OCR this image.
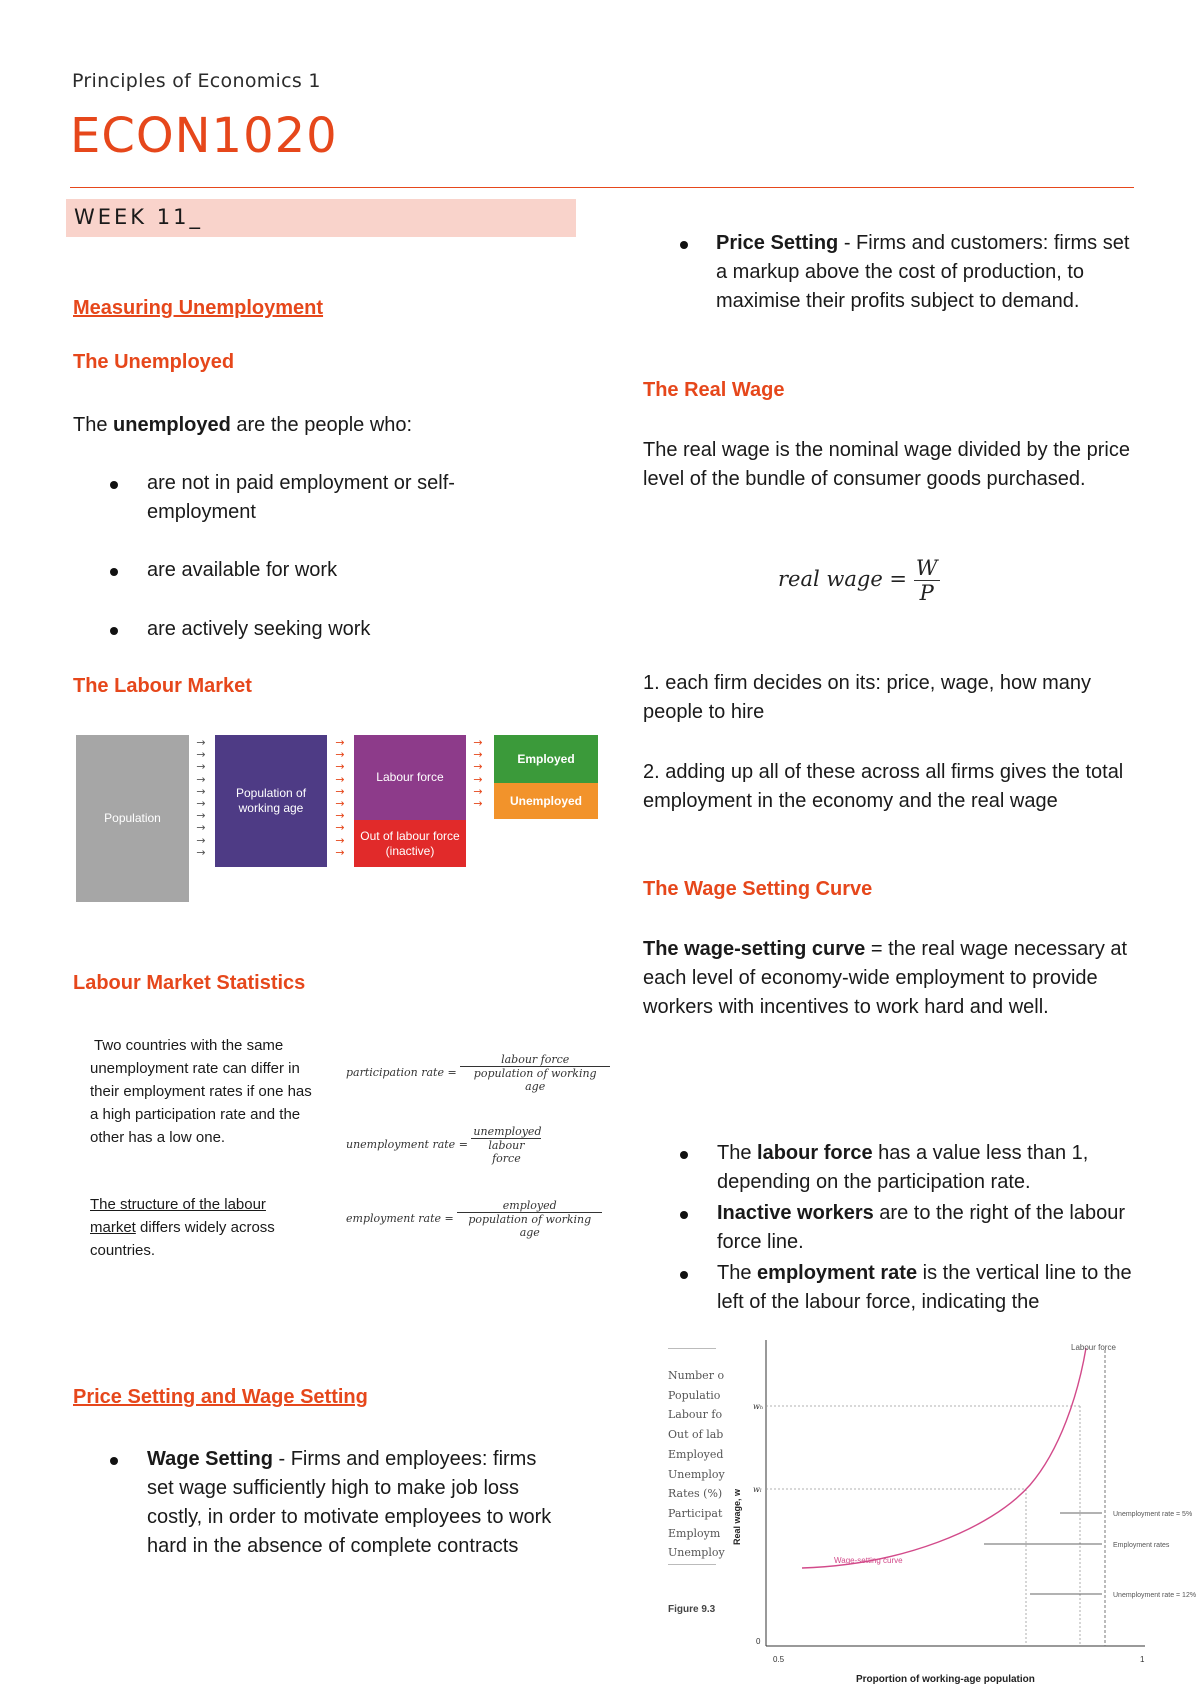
Principles of Economics 1
ECON1020
WEEK 11_
Measuring Unemployment
The Unemployed
The unemployed are the people who:
are not in paid employment or self-employment
are available for work
are actively seeking work
The Labour Market
Population
→
→
→
→
→
→
→
→
→
→
Population of working age
→
→
→
→
→
→
→
→
→
→
Labour force
Out of labour force (inactive)
→
→
→
→
→
→
Employed
Unemployed
Labour Market Statistics
Two countries with the same unemployment rate can differ in their employment rates if one has a high participation rate and the other has a low one.
The structure of the labour market differs widely across countries.
participation rate = $\frac{\text{labour force}}{\text{population of working age}}$
unemployment rate = $\frac{\text{unemployed}}{\text{labour force}}$
employment rate = $\frac{\text{employed}}{\text{population of working age}}$
Price Setting and Wage Setting
Wage Setting - Firms and employees: firms set wage sufficiently high to make job loss costly, in order to motivate employees to work hard in the absence of complete contracts
Price Setting - Firms and customers: firms set a markup above the cost of production, to maximise their profits subject to demand.
The Real Wage
The real wage is the nominal wage divided by the price level of the bundle of consumer goods purchased.
real wage = $\frac{W}{P}$
1. each firm decides on its: price, wage, how many people to hire
2. adding up all of these across all firms gives the total employment in the economy and the real wage
The Wage Setting Curve
The wage-setting curve = the real wage necessary at each level of economy-wide employment to provide workers with incentives to work hard and well.
The labour force has a value less than 1, depending on the participation rate.
Inactive workers are to the right of the labour force line.
The employment rate is the vertical line to the left of the labour force, indicating the
Number o
Populatio
Labour fo
Out of lab
Employed
Unemploy
Rates (%)
Participat
Employm
Unemploy
Figure 9.3
Labour force
wₕ
wₗ
0
0.5	1
Real wage, w
Proportion of working-age population
Wage-setting curve
Unemployment rate = 5%
Employment rates
Unemployment rate = 12%
